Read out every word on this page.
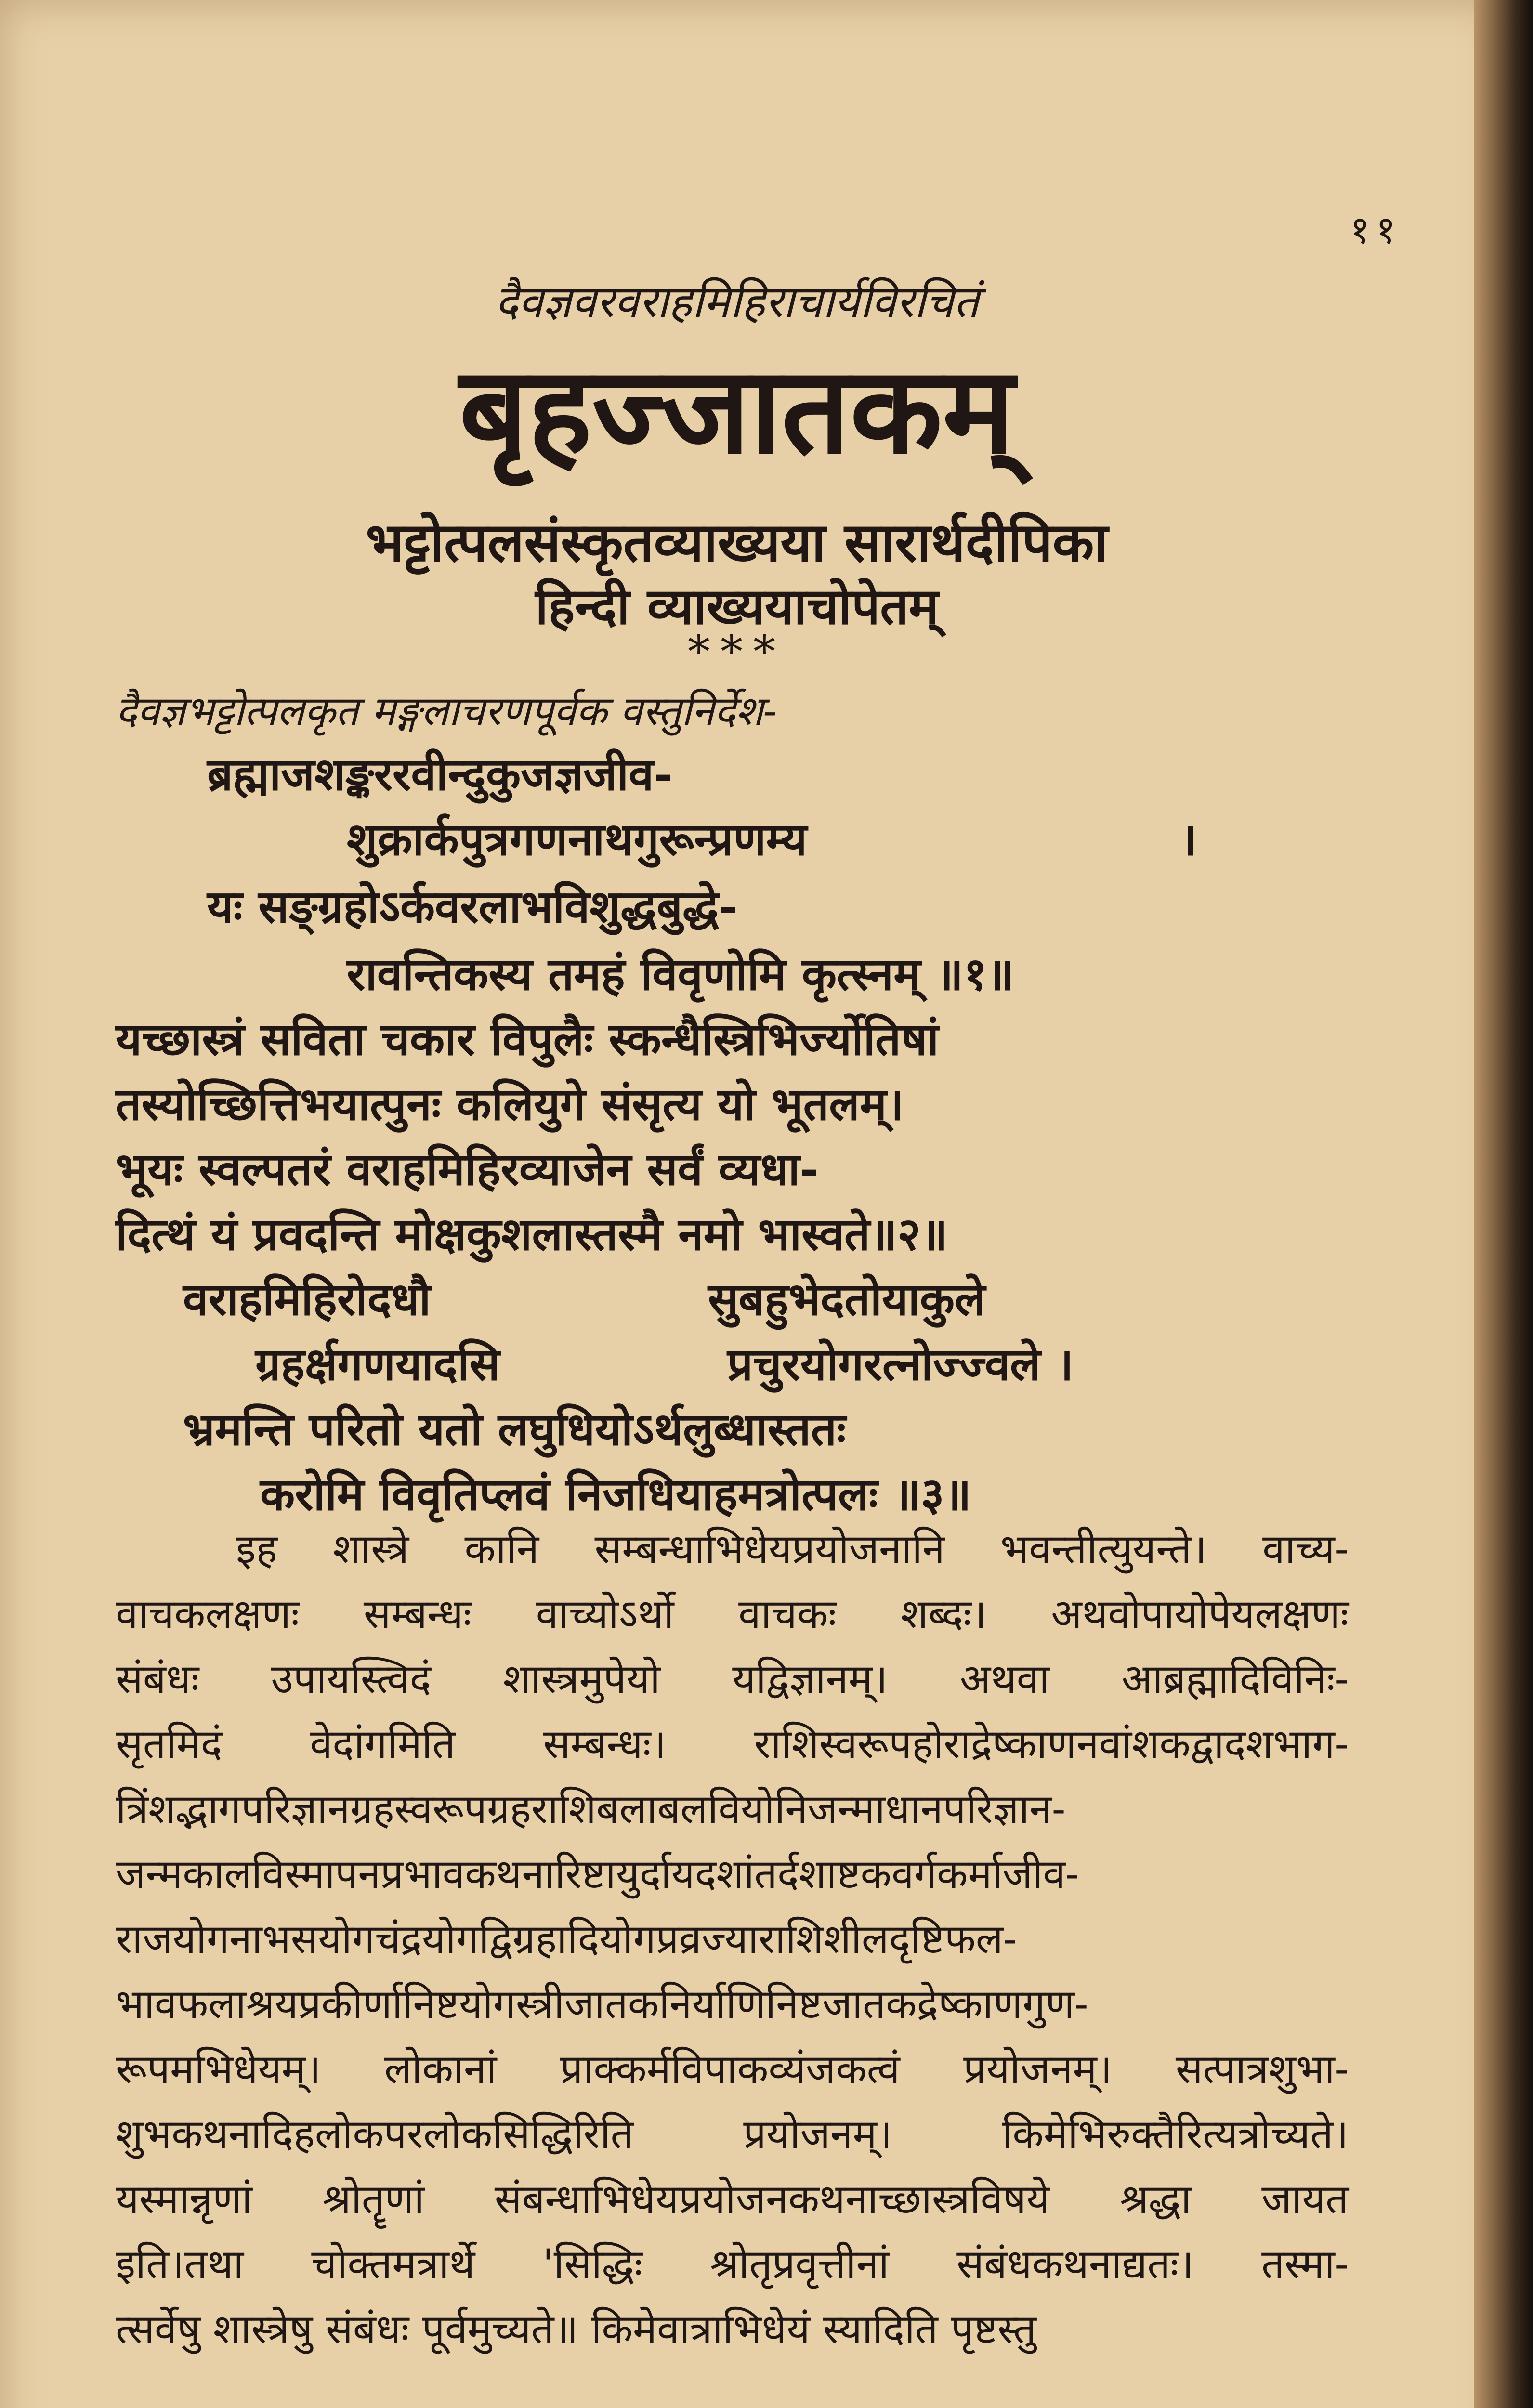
११
दैवज्ञवरवराहमिहिराचार्यविरचितं
बृहज्जातकम्
भट्टोत्पलसंस्कृतव्याख्यया सारार्थदीपिका
हिन्दी व्याख्ययाचोपेतम्
***
दैवज्ञभट्टोत्पलकृत मङ्गलाचरणपूर्वक वस्तुनिर्देश-
ब्रह्माजशङ्कररवीन्दुकुजज्ञजीव-
शुक्रार्कपुत्रगणनाथगुरून्प्रणम्य	।
यः सङ्ग्रहोऽर्कवरलाभविशुद्धबुद्धे-
रावन्तिकस्य तमहं विवृणोमि कृत्स्नम् ॥१॥
यच्छास्त्रं सविता चकार विपुलैः स्कन्धैस्त्रिभिर्ज्योतिषां
तस्योच्छित्तिभयात्पुनः कलियुगे संसृत्य यो भूतलम्।
भूयः स्वल्पतरं वराहमिहिरव्याजेन सर्वं व्यधा-
दित्थं यं प्रवदन्ति मोक्षकुशलास्तस्मै नमो भास्वते॥२॥
वराहमिहिरोदधौ	सुबहुभेदतोयाकुले
ग्रहर्क्षगणयादसि	प्रचुरयोगरत्नोज्ज्वले ।
भ्रमन्ति परितो यतो लघुधियोऽर्थलुब्धास्ततः
करोमि विवृतिप्लवं निजधियाहमत्रोत्पलः ॥३॥
इह शास्त्रे कानि सम्बन्धाभिधेयप्रयोजनानि भवन्तीत्युयन्ते। वाच्य-
वाचकलक्षणः सम्बन्धः वाच्योऽर्थो वाचकः शब्दः। अथवोपायोपेयलक्षणः
संबंधः उपायस्त्विदं शास्त्रमुपेयो यद्विज्ञानम्। अथवा आब्रह्मादिविनिः-
सृतमिदं वेदांगमिति सम्बन्धः। राशिस्वरूपहोराद्रेष्काणनवांशकद्वादशभाग-
त्रिंशद्भागपरिज्ञानग्रहस्वरूपग्रहराशिबलाबलवियोनिजन्माधानपरिज्ञान-
जन्मकालविस्मापनप्रभावकथनारिष्टायुर्दायदशांतर्दशाष्टकवर्गकर्माजीव-
राजयोगनाभसयोगचंद्रयोगद्विग्रहादियोगप्रव्रज्याराशिशीलदृष्टिफल-
भावफलाश्रयप्रकीर्णानिष्टयोगस्त्रीजातकनिर्याणिनिष्टजातकद्रेष्काणगुण-
रूपमभिधेयम्। लोकानां प्राक्कर्मविपाकव्यंजकत्वं प्रयोजनम्। सत्पात्रशुभा-
शुभकथनादिहलोकपरलोकसिद्धिरिति प्रयोजनम्। किमेभिरुक्तैरित्यत्रोच्यते।
यस्मान्नृणां श्रोतॄणां संबन्धाभिधेयप्रयोजनकथनाच्छास्त्रविषये श्रद्धा जायत
इति।तथा चोक्तमत्रार्थे 'सिद्धिः श्रोतृप्रवृत्तीनां संबंधकथनाद्यतः। तस्मा-
त्सर्वेषु शास्त्रेषु संबंधः पूर्वमुच्यते॥ किमेवात्राभिधेयं स्यादिति पृष्टस्तु
